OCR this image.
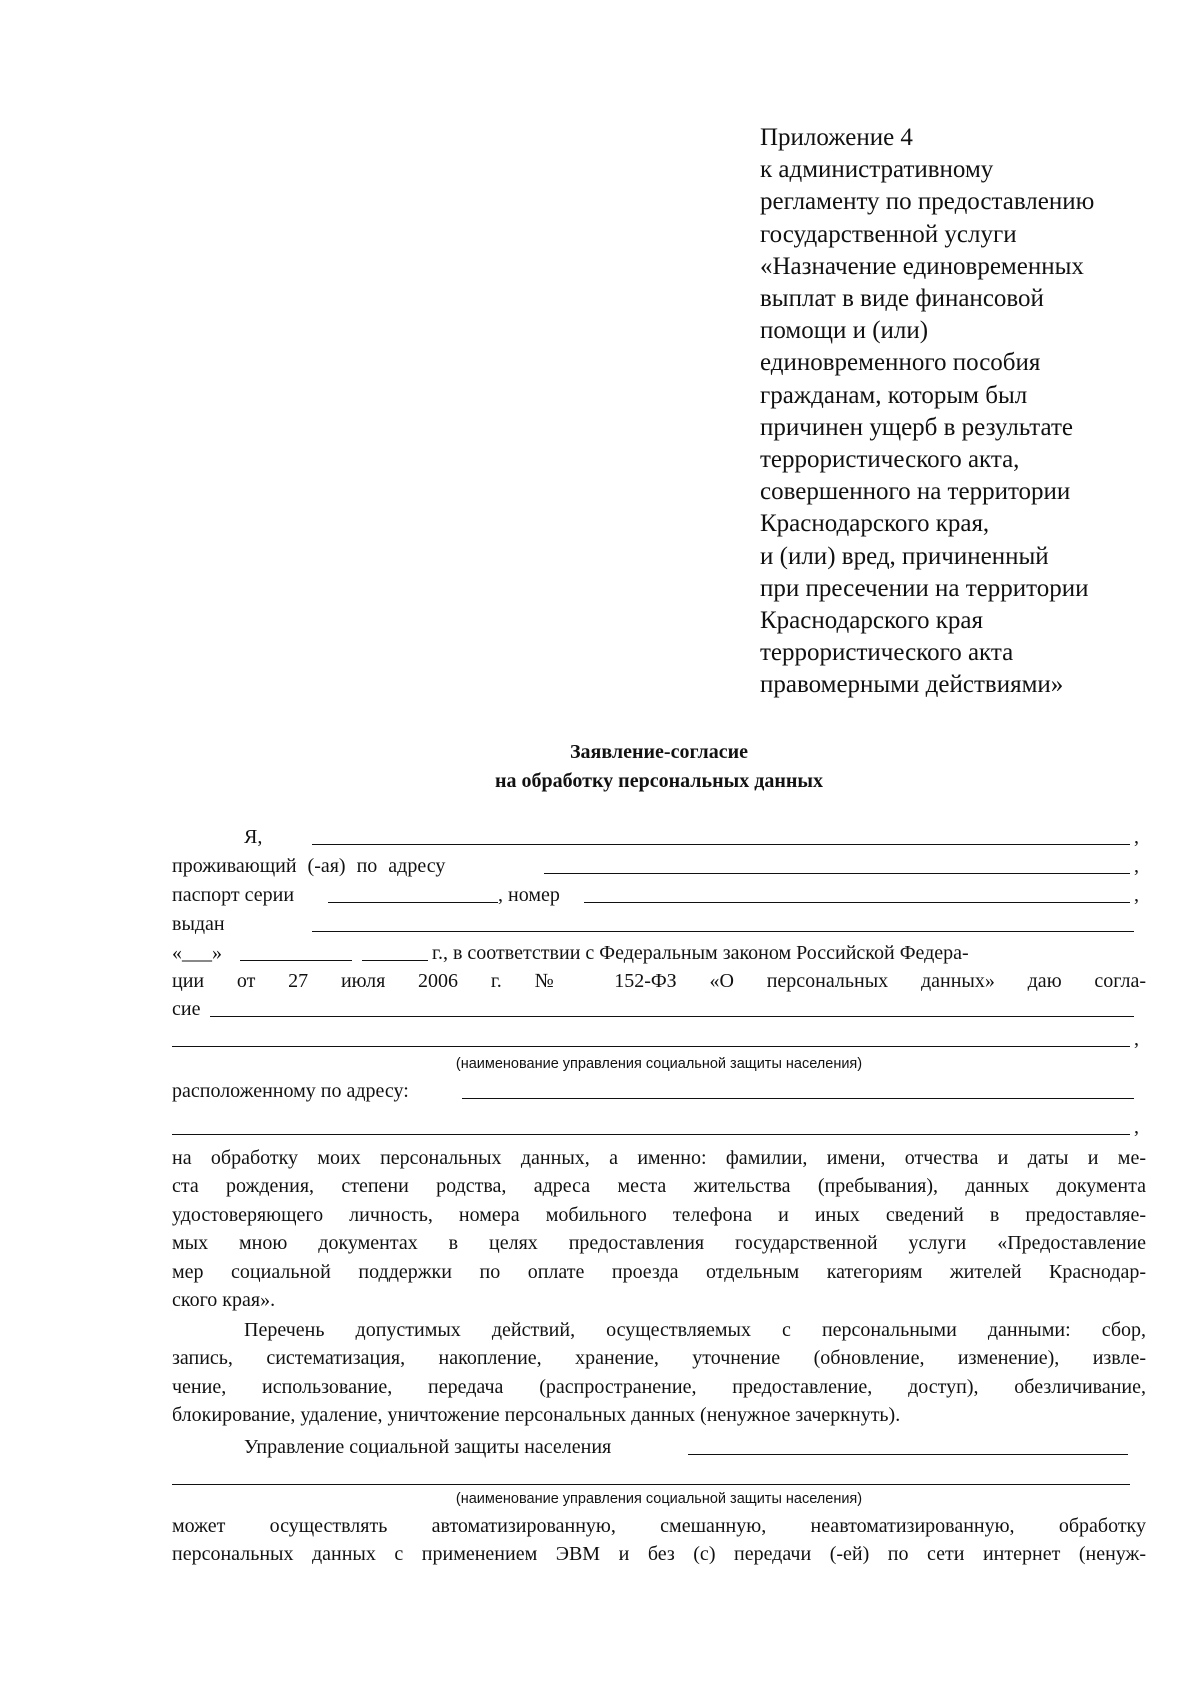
Приложение 4
к административному
регламенту по предоставлению
государственной услуги
«Назначение единовременных
выплат в виде финансовой
помощи и (или)
единовременного пособия
гражданам, которым был
причинен ущерб в результате
террористического акта,
совершенного на территории
Краснодарского края,
и (или) вред, причиненный
при пресечении на территории
Краснодарского края
террористического акта
правомерными действиями»
Заявление-согласие
на обработку персональных данных
Я,	,
проживающий (-ая) по адресу	,
паспорт серии	, номер	,
выдан
«___»	г., в соответствии с Федеральным законом Российской Федера-
ции от 27 июля 2006 г. № 152-ФЗ «О персональных данных» даю согла-
сие
,
(наименование управления социальной защиты населения)
расположенному по адресу:
,
на обработку моих персональных данных, а именно: фамилии, имени, отчества и даты и ме-
ста рождения, степени родства, адреса места жительства (пребывания), данных документа
удостоверяющего личность, номера мобильного телефона и иных сведений в предоставляе-
мых мною документах в целях предоставления государственной услуги «Предоставление
мер социальной поддержки по оплате проезда отдельным категориям жителей Краснодар-
ского края».
Перечень допустимых действий, осуществляемых с персональными данными: сбор,
запись, систематизация, накопление, хранение, уточнение (обновление, изменение), извле-
чение, использование, передача (распространение, предоставление, доступ), обезличивание,
блокирование, удаление, уничтожение персональных данных (ненужное зачеркнуть).
Управление социальной защиты населения
(наименование управления социальной защиты населения)
может осуществлять автоматизированную, смешанную, неавтоматизированную, обработку
персональных данных с применением ЭВМ и без (с) передачи (-ей) по сети интернет (ненуж-
